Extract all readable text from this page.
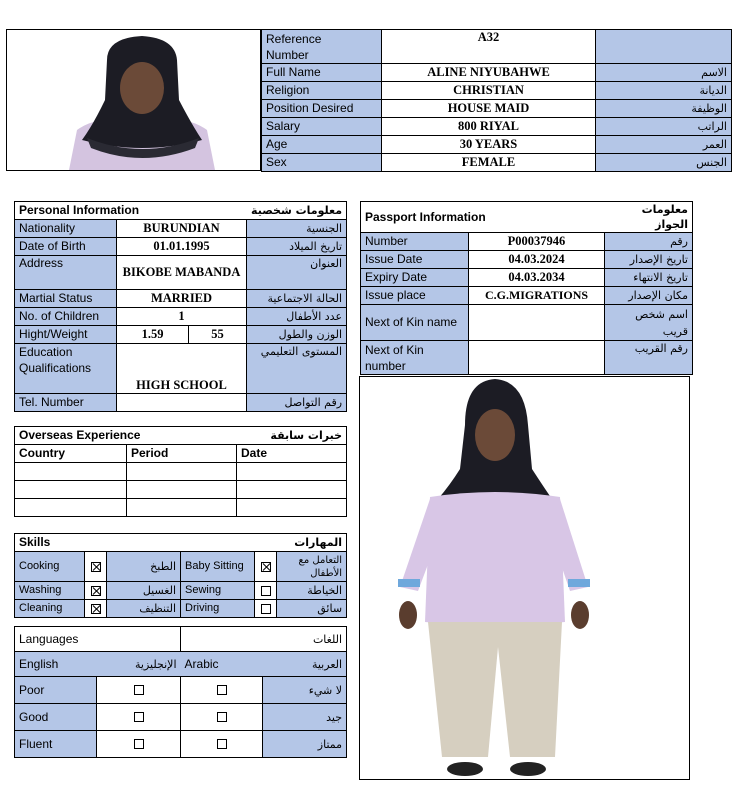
Reference
Number	A32	
Full Name	ALINE NIYUBAHWE	الاسم
Religion	CHRISTIAN	الديانة
Position Desired	HOUSE MAID	الوظيفة
Salary	800 RIYAL	الراتب
Age	30 YEARS	العمر
Sex	FEMALE	الجنس
Personal Information		معلومات شخصية	
Nationality	BURUNDIAN		الجنسية
Date of Birth	01.01.1995		تاريخ الميلاد
Address	BIKOBE MABANDA		العنوان
Martial Status	MARRIED		الحالة الاجتماعية
No. of Children	1		عدد الأطفال
Hight/Weight	1.59	55	الوزن والطول
Education Qualifications	HIGH SCHOOL		المستوى التعليمي
Tel. Number			رقم التواصل
Passport Information		معلومات الجواز
Number	P00037946	رقم
Issue Date	04.03.2024	تاريخ الإصدار
Expiry Date	04.03.2034	تاريخ الانتهاء
Issue place	C.G.MIGRATIONS	مكان الإصدار
Next of Kin name		اسم شخص قريب
Next of Kin number		رقم القريب
Overseas Experience		خبرات سابقة
Country	Period	Date

Skills			المهارات		
Cooking		الطبخ	Baby Sitting		التعامل مع الأطفال
Washing		الغسيل	Sewing		الخياطة
Cleaning		التنظيف	Driving		سائق
Languages		اللغات	
English	الإنجليزية	Arabic	العربية
Poor			لا شيء
Good			جيد
Fluent			ممتاز
